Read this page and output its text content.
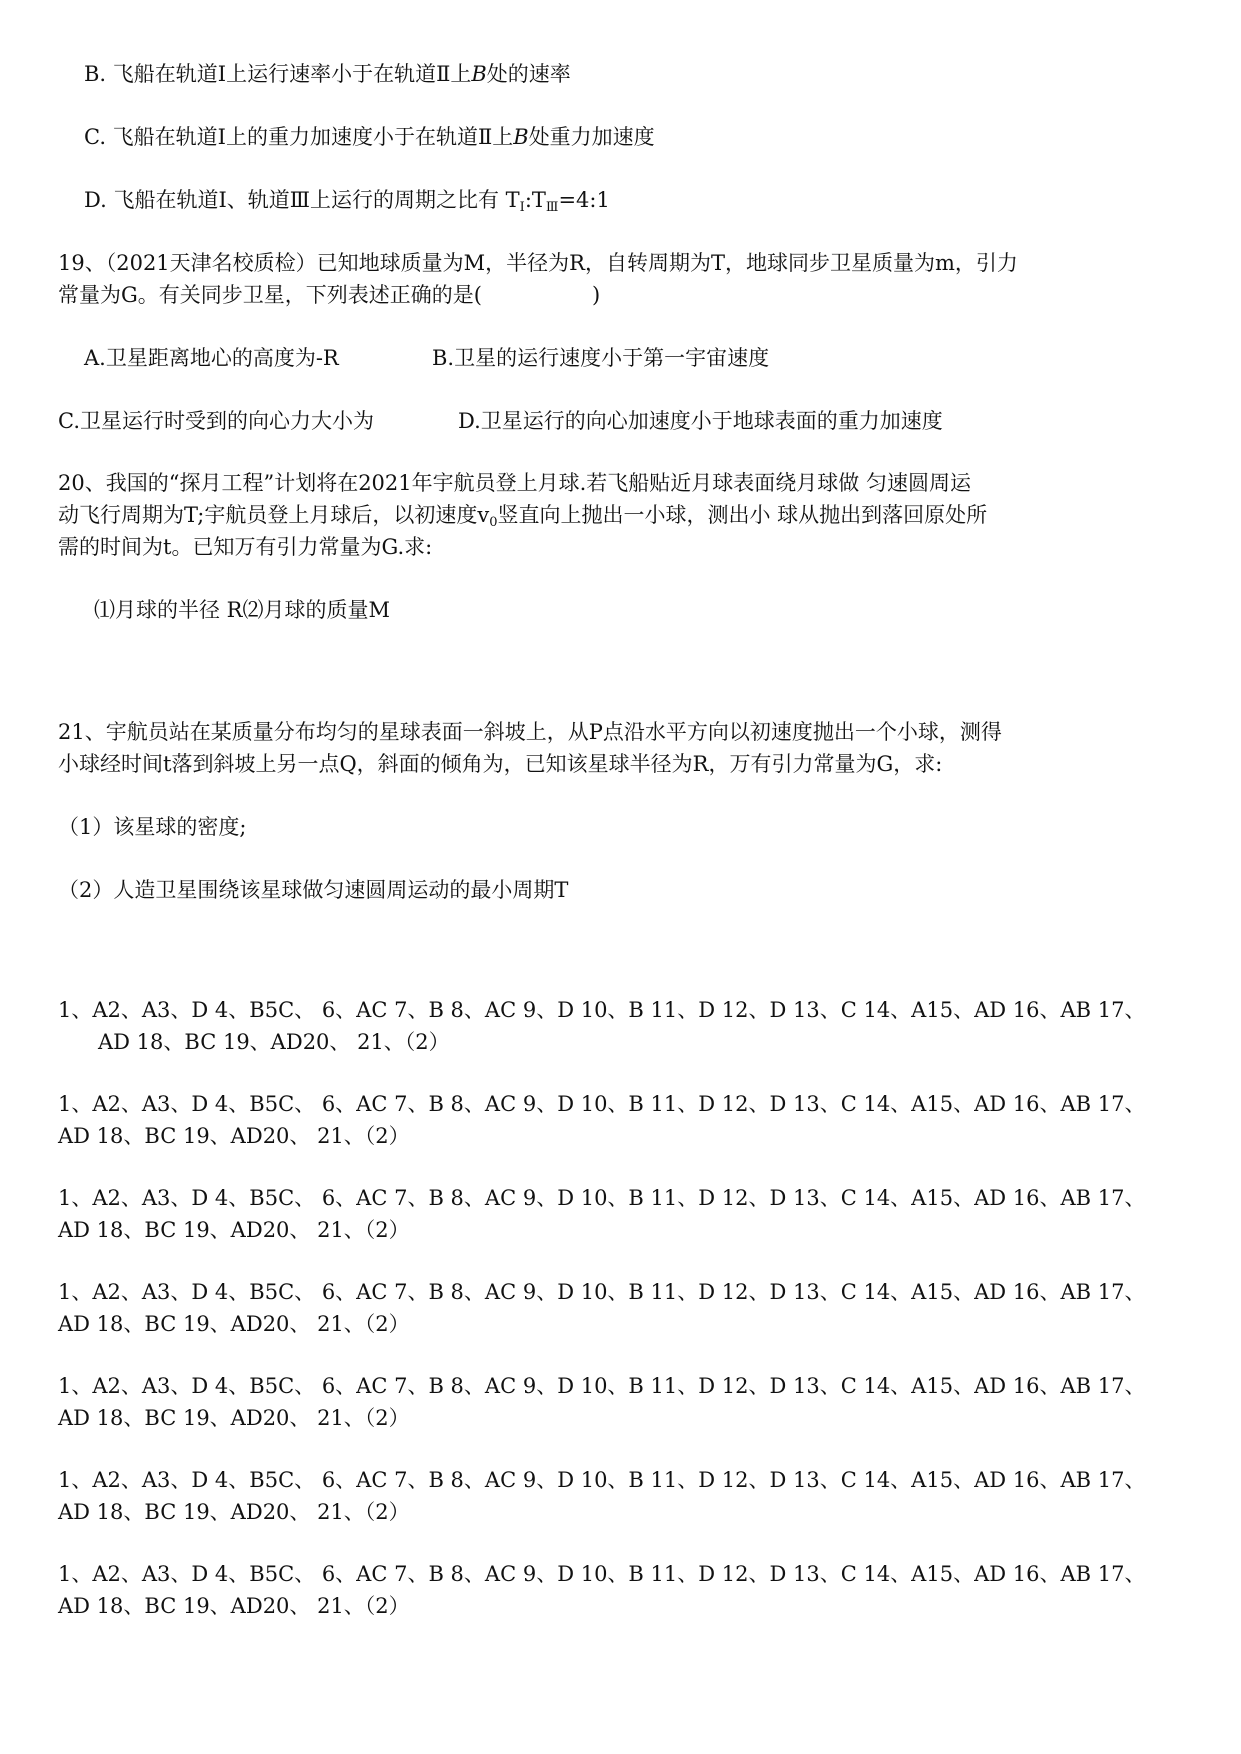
B. 飞船在轨道Ⅰ上运行速率小于在轨道Ⅱ上B处的速率
C. 飞船在轨道Ⅰ上的重力加速度小于在轨道Ⅱ上B处重力加速度
D. 飞船在轨道Ⅰ、轨道Ⅲ上运行的周期之比有 $T_Ⅰ:T_Ⅲ=4:1$
19、（2021天津名校质检）已知地球质量为M，半径为R，自转周期为T，地球同步卫星质量为m，引力
常量为G。有关同步卫星，下列表述正确的是(	)
A.卫星距离地心的高度为-R	B.卫星的运行速度小于第一宇宙速度
C.卫星运行时受到的向心力大小为	D.卫星运行的向心加速度小于地球表面的重力加速度
20、我国的“探月工程”计划将在2021年宇航员登上月球.若飞船贴近月球表面绕月球做 匀速圆周运
动飞行周期为T;宇航员登上月球后，以初速度$v_0$竖直向上抛出一小球，测出小 球从抛出到落回原处所
需的时间为t。已知万有引力常量为G.求:
⑴月球的半径 R⑵月球的质量M
21、宇航员站在某质量分布均匀的星球表面一斜坡上，从P点沿水平方向以初速度抛出一个小球，测得
小球经时间t落到斜坡上另一点Q，斜面的倾角为，已知该星球半径为R，万有引力常量为G，求:
（1）该星球的密度;
（2）人造卫星围绕该星球做匀速圆周运动的最小周期T
1、A2、A3、D 4、B5C、 6、AC 7、B 8、AC 9、D 10、B 11、D 12、D 13、C 14、A15、AD 16、AB 17、
AD 18、BC 19、AD20、 21、（2）
1、A2、A3、D 4、B5C、 6、AC 7、B 8、AC 9、D 10、B 11、D 12、D 13、C 14、A15、AD 16、AB 17、
AD 18、BC 19、AD20、 21、（2）
1、A2、A3、D 4、B5C、 6、AC 7、B 8、AC 9、D 10、B 11、D 12、D 13、C 14、A15、AD 16、AB 17、
AD 18、BC 19、AD20、 21、（2）
1、A2、A3、D 4、B5C、 6、AC 7、B 8、AC 9、D 10、B 11、D 12、D 13、C 14、A15、AD 16、AB 17、
AD 18、BC 19、AD20、 21、（2）
1、A2、A3、D 4、B5C、 6、AC 7、B 8、AC 9、D 10、B 11、D 12、D 13、C 14、A15、AD 16、AB 17、
AD 18、BC 19、AD20、 21、（2）
1、A2、A3、D 4、B5C、 6、AC 7、B 8、AC 9、D 10、B 11、D 12、D 13、C 14、A15、AD 16、AB 17、
AD 18、BC 19、AD20、 21、（2）
1、A2、A3、D 4、B5C、 6、AC 7、B 8、AC 9、D 10、B 11、D 12、D 13、C 14、A15、AD 16、AB 17、
AD 18、BC 19、AD20、 21、（2）
